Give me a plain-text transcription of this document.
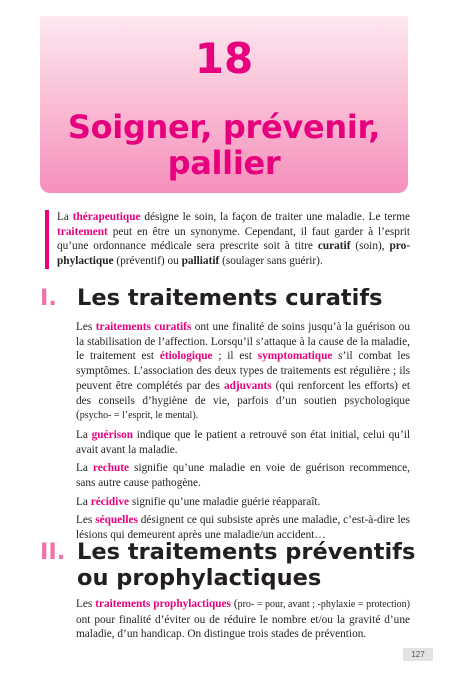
18
Soigner, prévenir,
pallier
La thérapeutique désigne le soin, la façon de traiter une maladie. Le terme traitement peut en être un synonyme. Cependant, il faut garder à l’esprit qu’une ordonnance médicale sera prescrite soit à titre curatif (soin), prophylactique (préventif) ou palliatif (soulager sans guérir).
I. Les traitements curatifs

Les traitements curatifs ont une finalité de soins jusqu’à la guérison ou la stabilisation de l’affection. Lorsqu’il s’attaque à la cause de la maladie, le traitement est étiologique ; il est symptomatique s’il combat les symptômes. L’association des deux types de traitements est régulière ; ils peuvent être complétés par des adjuvants (qui renforcent les efforts) et des conseils d’hygiène de vie, parfois d’un soutien psychologique (psycho- = l’esprit, le mental).

La guérison indique que le patient a retrouvé son état initial, celui qu’il avait avant la maladie.

La rechute signifie qu’une maladie en voie de guérison recommence, sans autre cause pathogène.

La récidive signifie qu’une maladie guérie réapparaît.

Les séquelles désignent ce qui subsiste après une maladie, c’est-à-dire les lésions qui demeurent après une maladie/un accident…

II. Les traitements préventifs
ou prophylactiques

Les traitements prophylactiques (pro- = pour, avant ; -phylaxie = protection) ont pour finalité d’éviter ou de réduire le nombre et/ou la gravité d’une maladie, d’un handicap. On distingue trois stades de prévention.

127
